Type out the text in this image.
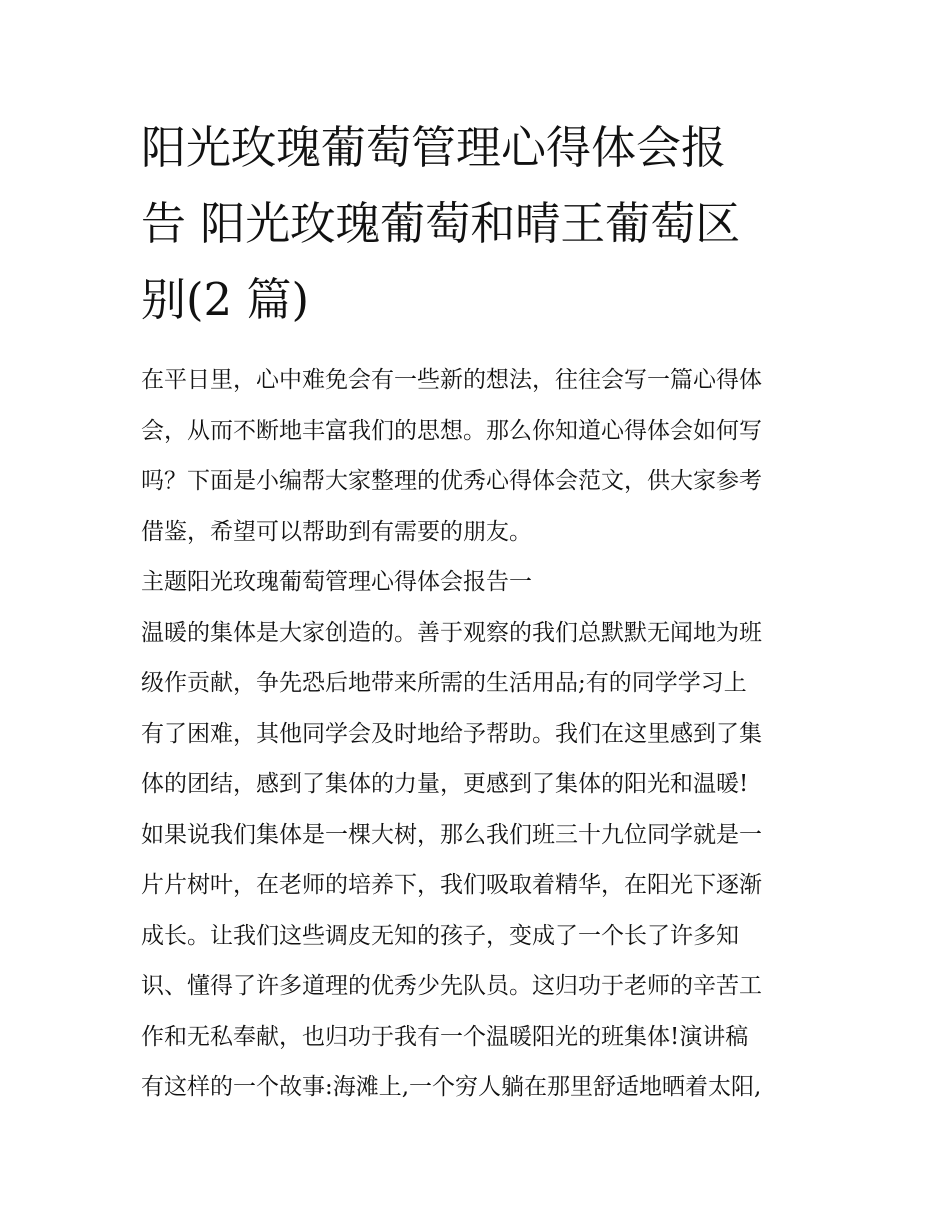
阳光玫瑰葡萄管理心得体会报
告 阳光玫瑰葡萄和晴王葡萄区
别(2 篇)
在平日里，心中难免会有一些新的想法，往往会写一篇心得体
会，从而不断地丰富我们的思想。那么你知道心得体会如何写
吗？下面是小编帮大家整理的优秀心得体会范文，供大家参考
借鉴，希望可以帮助到有需要的朋友。
主题阳光玫瑰葡萄管理心得体会报告一
温暖的集体是大家创造的。善于观察的我们总默默无闻地为班
级作贡献，争先恐后地带来所需的生活用品;有的同学学习上
有了困难，其他同学会及时地给予帮助。我们在这里感到了集
体的团结，感到了集体的力量，更感到了集体的阳光和温暖!
如果说我们集体是一棵大树，那么我们班三十九位同学就是一
片片树叶，在老师的培养下，我们吸取着精华，在阳光下逐渐
成长。让我们这些调皮无知的孩子，变成了一个长了许多知
识、懂得了许多道理的优秀少先队员。这归功于老师的辛苦工
作和无私奉献，也归功于我有一个温暖阳光的班集体!演讲稿
有这样的一个故事:海滩上,一个穷人躺在那里舒适地晒着太阳,
